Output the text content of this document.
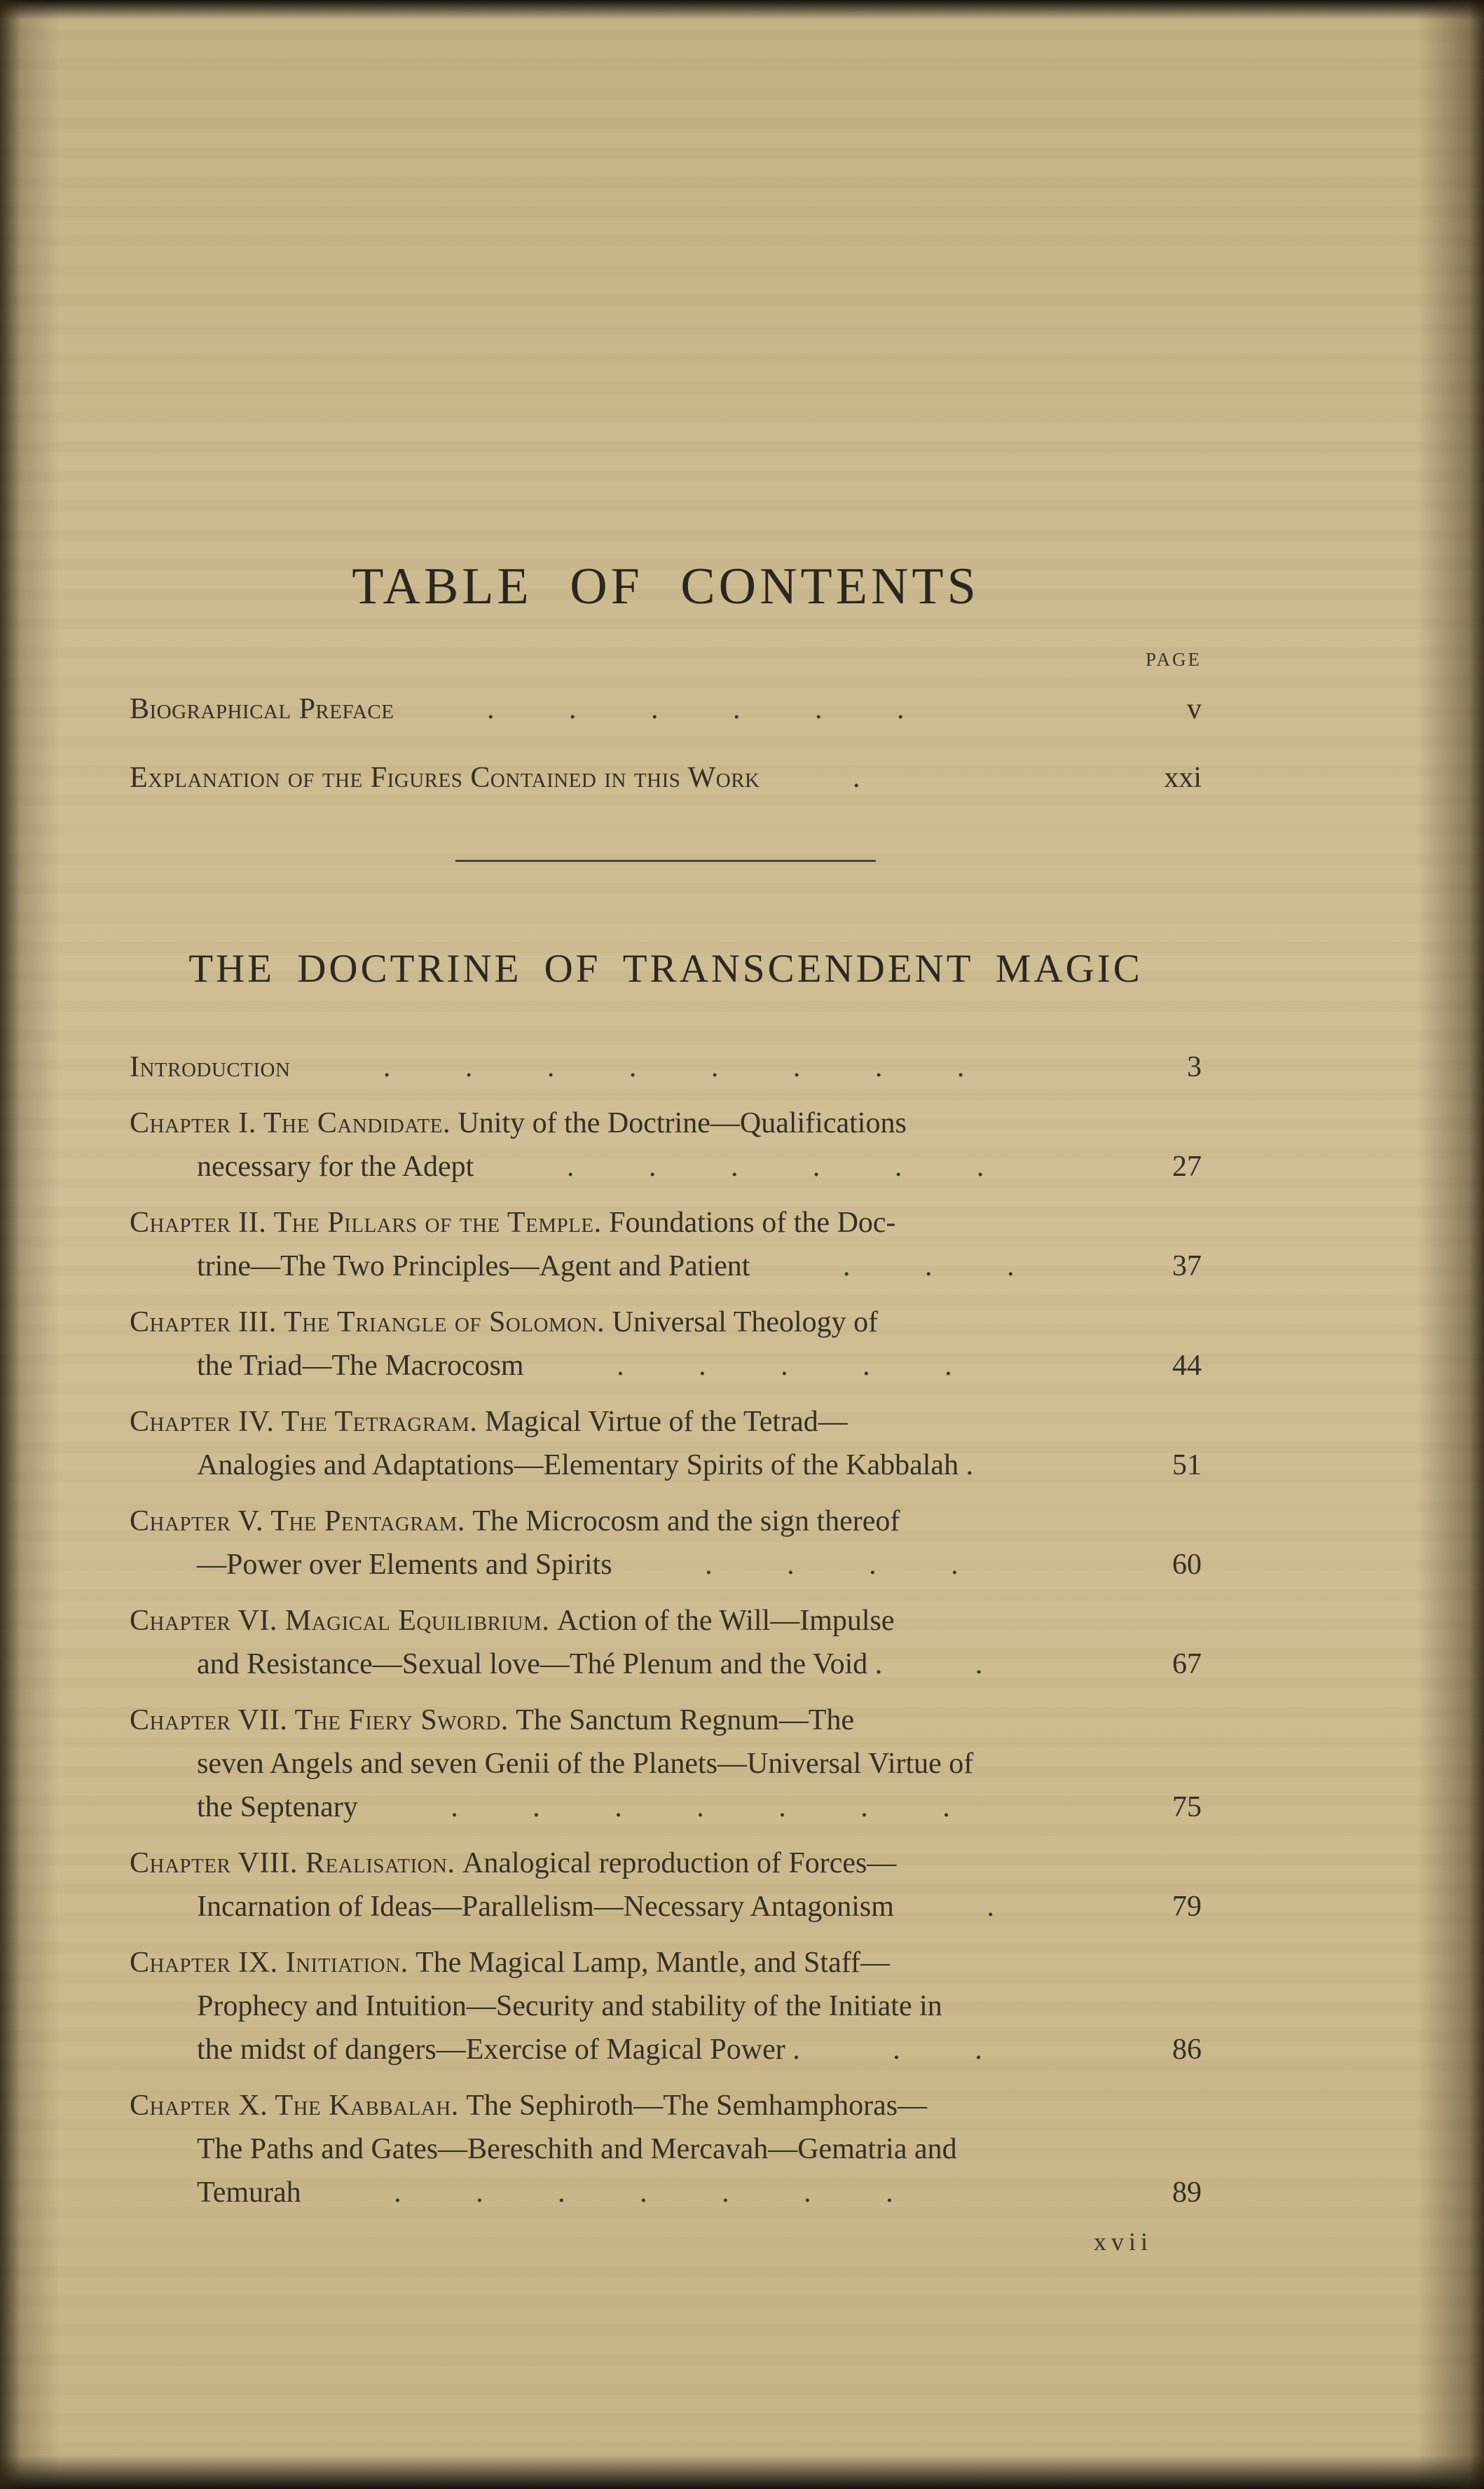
TABLE OF CONTENTS
PAGE
Biographical Preface . . . . . .	v
Explanation of the Figures Contained in this Work .	xxi
THE DOCTRINE OF TRANSCENDENT MAGIC
Introduction . . . . . . . .	3
Chapter I. The Candidate. Unity of the Doctrine—Qualifications
necessary for the Adept . . . . . .	27
Chapter II. The Pillars of the Temple. Foundations of the Doc-
trine—The Two Principles—Agent and Patient . . .	37
Chapter III. The Triangle of Solomon. Universal Theology of
the Triad—The Macrocosm . . . . .	44
Chapter IV. The Tetragram. Magical Virtue of the Tetrad—
Analogies and Adaptations—Elementary Spirits of the Kabbalah .	51
Chapter V. The Pentagram. The Microcosm and the sign thereof
—Power over Elements and Spirits . . . .	60
Chapter VI. Magical Equilibrium. Action of the Will—Impulse
and Resistance—Sexual love—Thé Plenum and the Void . .	67
Chapter VII. The Fiery Sword. The Sanctum Regnum—The
seven Angels and seven Genii of the Planets—Universal Virtue of
the Septenary . . . . . . .	75
Chapter VIII. Realisation. Analogical reproduction of Forces—
Incarnation of Ideas—Parallelism—Necessary Antagonism .	79
Chapter IX. Initiation. The Magical Lamp, Mantle, and Staff—
Prophecy and Intuition—Security and stability of the Initiate in
the midst of dangers—Exercise of Magical Power . . .	86
Chapter X. The Kabbalah. The Sephiroth—The Semhamphoras—
The Paths and Gates—Bereschith and Mercavah—Gematria and
Temurah . . . . . . .	89
xvii
